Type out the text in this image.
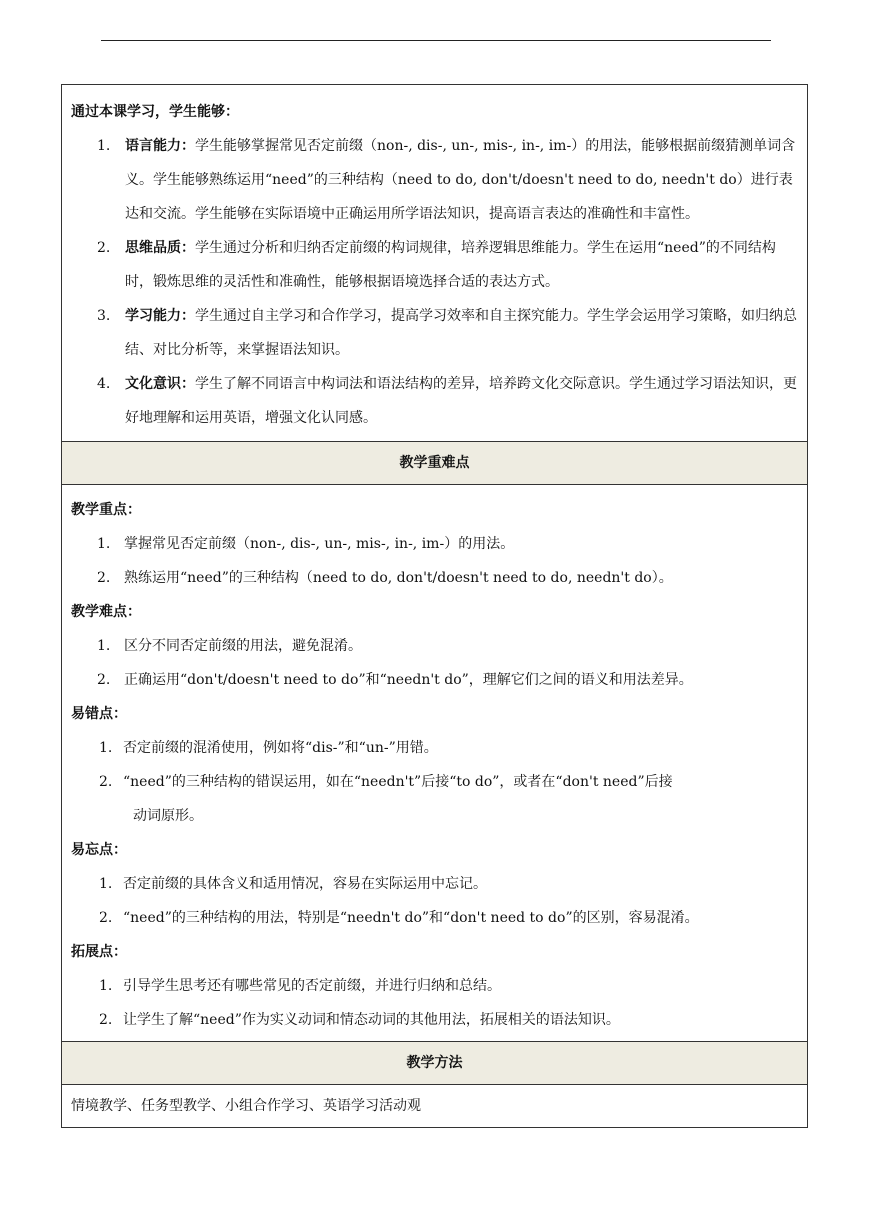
通过本课学习，学生能够：
1.	语言能力：学生能够掌握常见否定前缀（non-, dis-, un-, mis-, in-, im-）的用法，能够根据前缀猜测单词含义。学生能够熟练运用“need”的三种结构（need to do, don't/doesn't need to do, needn't do）进行表达和交流。学生能够在实际语境中正确运用所学语法知识，提高语言表达的准确性和丰富性。
2.	思维品质：学生通过分析和归纳否定前缀的构词规律，培养逻辑思维能力。学生在运用“need”的不同结构时，锻炼思维的灵活性和准确性，能够根据语境选择合适的表达方式。
3.	学习能力：学生通过自主学习和合作学习，提高学习效率和自主探究能力。学生学会运用学习策略，如归纳总结、对比分析等，来掌握语法知识。
4.	文化意识：学生了解不同语言中构词法和语法结构的差异，培养跨文化交际意识。学生通过学习语法知识，更好地理解和运用英语，增强文化认同感。
教学重难点
教学重点：
1. 掌握常见否定前缀（non-, dis-, un-, mis-, in-, im-）的用法。
2. 熟练运用“need”的三种结构（need to do, don't/doesn't need to do, needn't do）。
教学难点：
1. 区分不同否定前缀的用法，避免混淆。
2. 正确运用“don't/doesn't need to do”和“needn't do”，理解它们之间的语义和用法差异。
易错点：
1. 否定前缀的混淆使用，例如将“dis-”和“un-”用错。
2. “need”的三种结构的错误运用，如在“needn't”后接“to do”，或者在“don't need”后接
动词原形。
易忘点：
1. 否定前缀的具体含义和适用情况，容易在实际运用中忘记。
2. “need”的三种结构的用法，特别是“needn't do”和“don't need to do”的区别，容易混淆。
拓展点：
1. 引导学生思考还有哪些常见的否定前缀，并进行归纳和总结。
2. 让学生了解“need”作为实义动词和情态动词的其他用法，拓展相关的语法知识。
教学方法
情境教学、任务型教学、小组合作学习、英语学习活动观
